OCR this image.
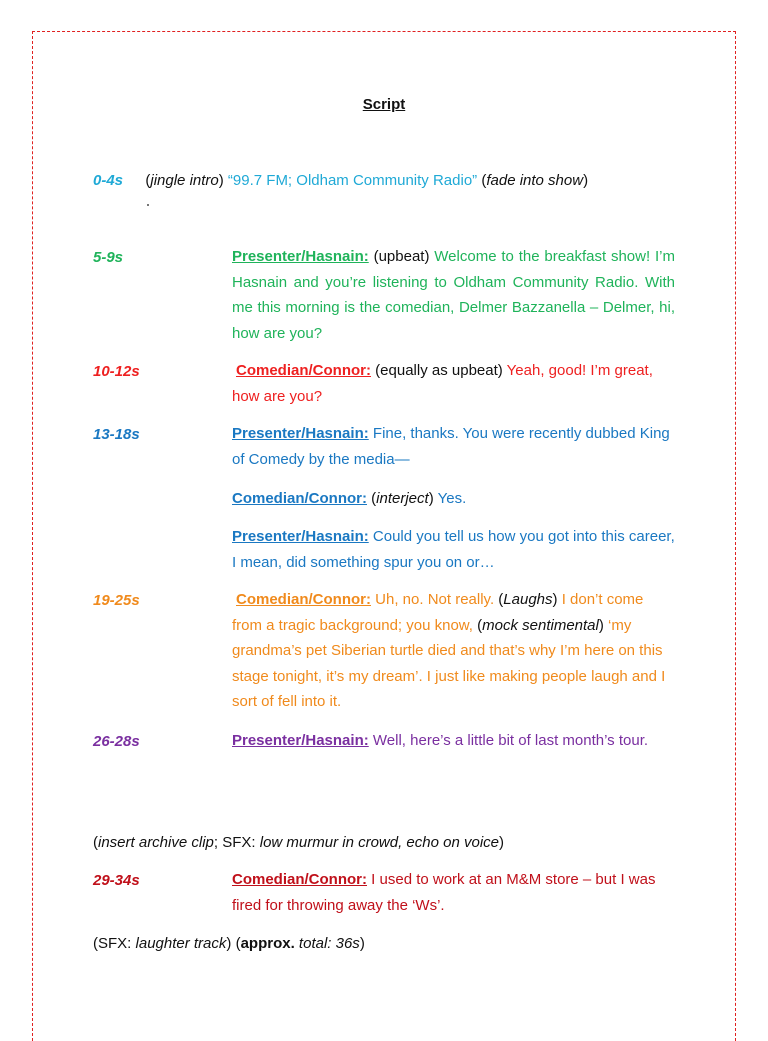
Script
0-4s (jingle intro) “99.7 FM; Oldham Community Radio” (fade into show)
5-9s	Presenter/Hasnain: (upbeat) Welcome to the breakfast show! I’m Hasnain and you’re listening to Oldham Community Radio. With me this morning is the comedian, Delmer Bazzanella – Delmer, hi, how are you?
10-12s	Comedian/Connor: (equally as upbeat) Yeah, good! I’m great, how are you?
13-18s	Presenter/Hasnain: Fine, thanks. You were recently dubbed King of Comedy by the media—
Comedian/Connor: (interject) Yes.
Presenter/Hasnain: Could you tell us how you got into this career, I mean, did something spur you on or…
19-25s	Comedian/Connor: Uh, no. Not really. (Laughs) I don’t come from a tragic background; you know, (mock sentimental) ‘my grandma’s pet Siberian turtle died and that’s why I’m here on this stage tonight, it’s my dream’. I just like making people laugh and I sort of fell into it.
26-28s	Presenter/Hasnain: Well, here’s a little bit of last month’s tour.
(insert archive clip; SFX: low murmur in crowd, echo on voice)
29-34s	Comedian/Connor: I used to work at an M&M store – but I was fired for throwing away the ‘Ws’.
(SFX: laughter track) (approx. total: 36s)
